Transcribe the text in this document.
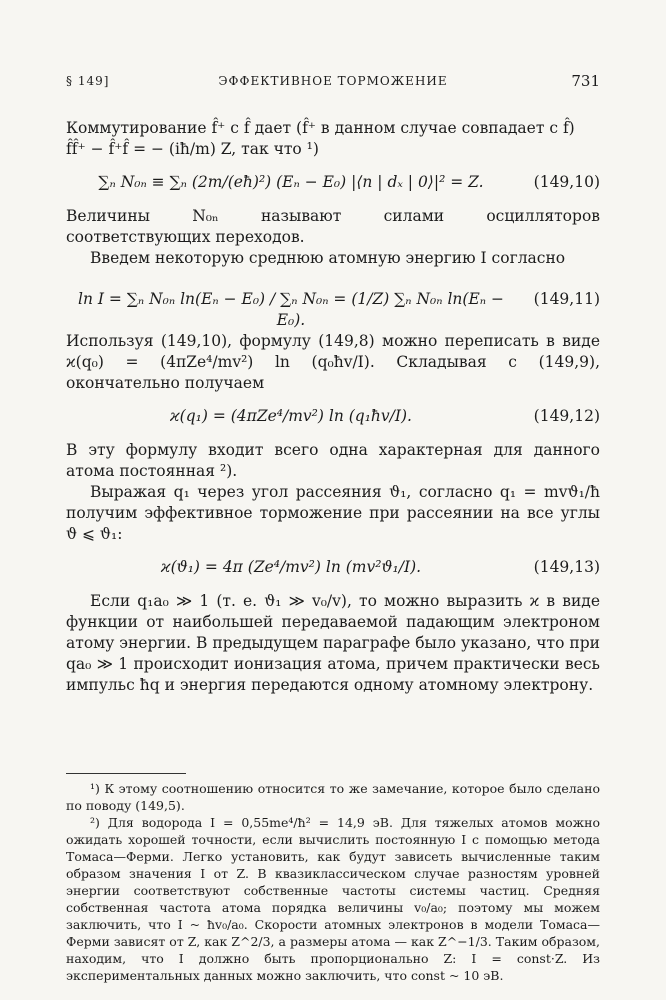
§ 149]	ЭФФЕКТИВНОЕ ТОРМОЖЕНИЕ	731

Коммутирование f̂⁺ с f̂ дает (f̂⁺ в данном случае совпадает с f̂)

f̂f̂⁺ − f̂⁺f̂ = − (iħ/m) Z, так что ¹)

∑ₙ N₀ₙ ≡ ∑ₙ (2m/(eħ)²) (Eₙ − E₀) |⟨n | dₓ | 0⟩|² = Z.	(149,10)

Величины N₀ₙ называют силами осцилляторов соответствующих переходов.

Введем некоторую среднюю атомную энергию I согласно

ln I = ∑ₙ N₀ₙ ln(Eₙ − E₀) / ∑ₙ N₀ₙ = (1/Z) ∑ₙ N₀ₙ ln(Eₙ − E₀).
(149,11)

Используя (149,10), формулу (149,8) можно переписать в виде ϰ(q₀) = (4πZe⁴/mv²) ln (q₀ħv/I). Складывая с (149,9), окончательно получаем

ϰ(q₁) = (4πZe⁴/mv²) ln (q₁ħv/I).	(149,12)

В эту формулу входит всего одна характерная для данного атома постоянная ²).

Выражая q₁ через угол рассеяния ϑ₁, согласно q₁ = mvϑ₁/ħ получим эффективное торможение при рассеянии на все углы ϑ ⩽ ϑ₁:

ϰ(ϑ₁) = 4π (Ze⁴/mv²) ln (mv²ϑ₁/I).	(149,13)

Если q₁a₀ ≫ 1 (т. е. ϑ₁ ≫ v₀/v), то можно выразить ϰ в виде функции от наибольшей передаваемой падающим электроном атому энергии. В предыдущем параграфе было указано, что при qa₀ ≫ 1 происходит ионизация атома, причем практически весь импульс ħq и энергия передаются одному атомному электрону.

¹) К этому соотношению относится то же замечание, которое было сделано по поводу (149,5).

²) Для водорода I = 0,55me⁴/ħ² = 14,9 эВ. Для тяжелых атомов можно ожидать хорошей точности, если вычислить постоянную I с помощью метода Томаса—Ферми. Легко установить, как будут зависеть вычисленные таким образом значения I от Z. В квазиклассическом случае разностям уровней энергии соответствуют собственные частоты системы частиц. Средняя собственная частота атома порядка величины v₀/a₀; поэтому мы можем заключить, что I ~ ħv₀/a₀. Скорости атомных электронов в модели Томаса—Ферми зависят от Z, как Z^2/3, а размеры атома — как Z^−1/3. Таким образом, находим, что I должно быть пропорционально Z: I = const·Z. Из экспериментальных данных можно заключить, что const ~ 10 эВ.
